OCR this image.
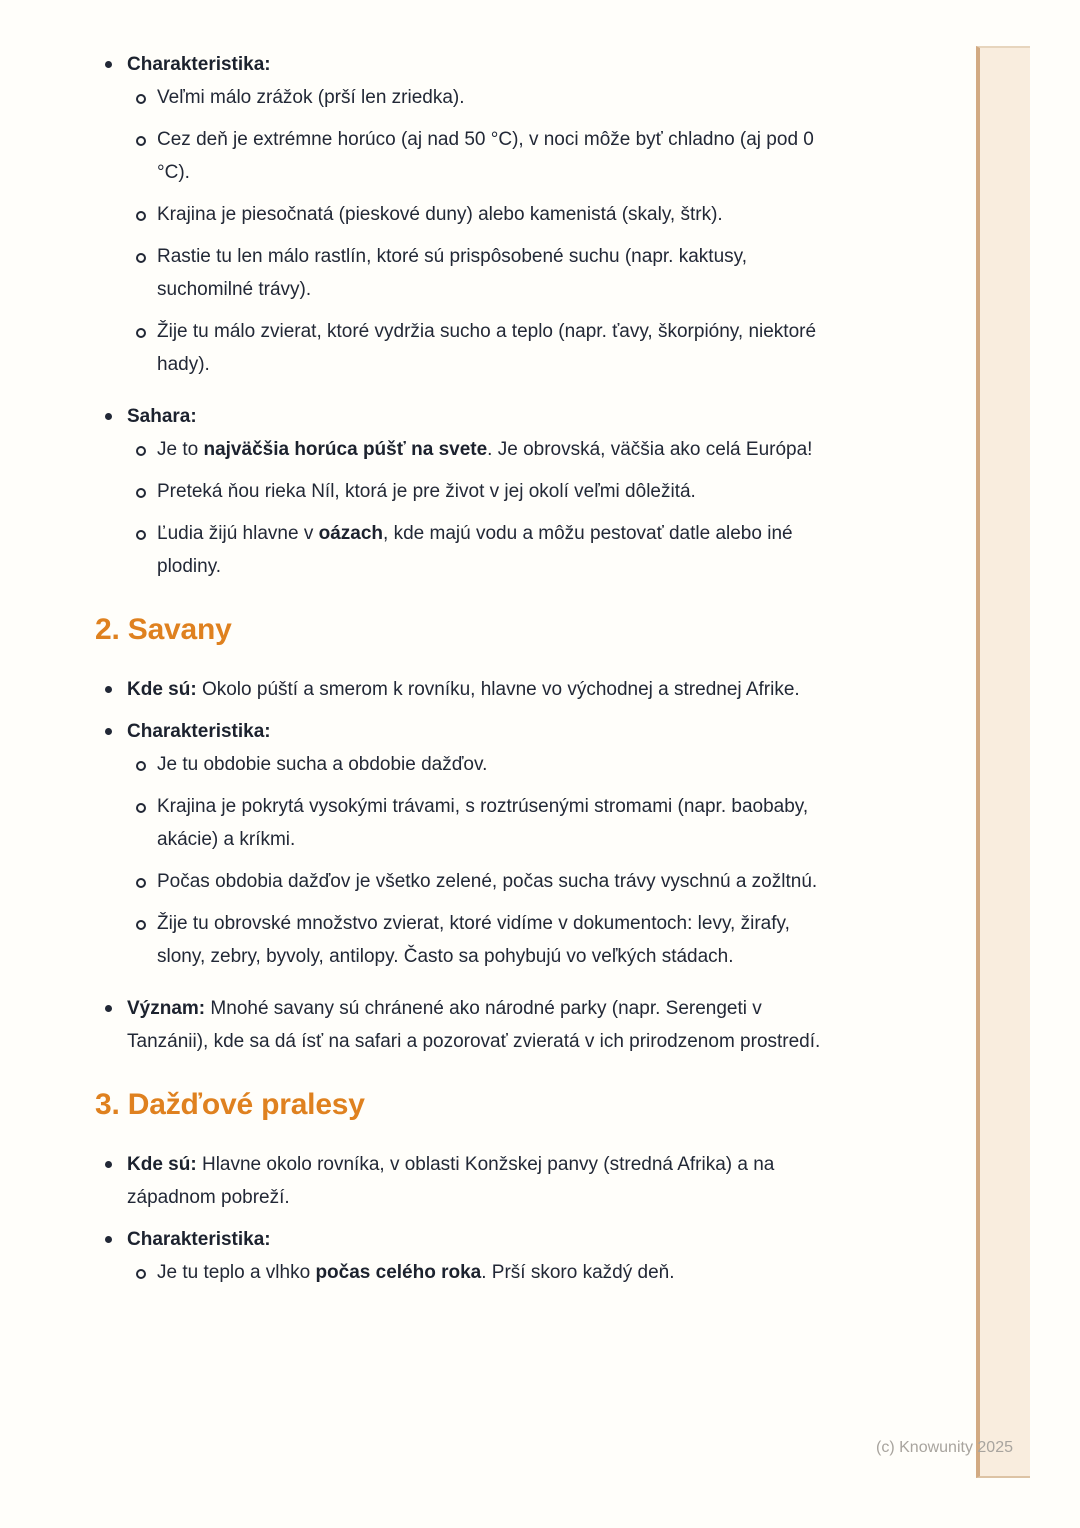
Charakteristika:
Veľmi málo zrážok (prší len zriedka).
Cez deň je extrémne horúco (aj nad 50 °C), v noci môže byť chladno (aj pod 0 °C).
Krajina je piesočnatá (pieskové duny) alebo kamenistá (skaly, štrk).
Rastie tu len málo rastlín, ktoré sú prispôsobené suchu (napr. kaktusy, suchomilné trávy).
Žije tu málo zvierat, ktoré vydržia sucho a teplo (napr. ťavy, škorpióny, niektoré hady).
Sahara:
Je to najväčšia horúca púšť na svete. Je obrovská, väčšia ako celá Európa!
Preteká ňou rieka Níl, ktorá je pre život v jej okolí veľmi dôležitá.
Ľudia žijú hlavne v oázach, kde majú vodu a môžu pestovať datle alebo iné plodiny.
2. Savany
Kde sú: Okolo púští a smerom k rovníku, hlavne vo východnej a strednej Afrike.
Charakteristika:
Je tu obdobie sucha a obdobie dažďov.
Krajina je pokrytá vysokými trávami, s roztrúsenými stromami (napr. baobaby, akácie) a kríkmi.
Počas obdobia dažďov je všetko zelené, počas sucha trávy vyschnú a zožltnú.
Žije tu obrovské množstvo zvierat, ktoré vidíme v dokumentoch: levy, žirafy, slony, zebry, byvoly, antilopy. Často sa pohybujú vo veľkých stádach.
Význam: Mnohé savany sú chránené ako národné parky (napr. Serengeti v Tanzánii), kde sa dá ísť na safari a pozorovať zvieratá v ich prirodzenom prostredí.
3. Dažďové pralesy
Kde sú: Hlavne okolo rovníka, v oblasti Konžskej panvy (stredná Afrika) a na západnom pobreží.
Charakteristika:
Je tu teplo a vlhko počas celého roka. Prší skoro každý deň.
(c) Knowunity 2025
